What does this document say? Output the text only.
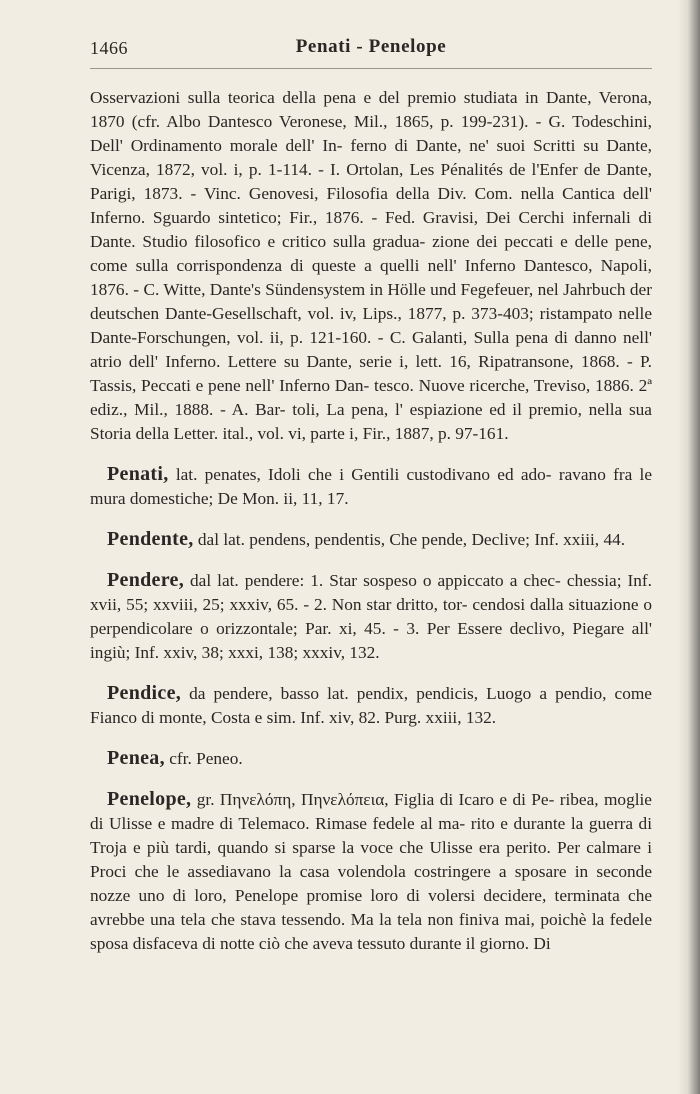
1466	Penati - Penelope

Osservazioni sulla teorica della pena e del premio studiata in Dante, Verona, 1870 (cfr. Albo Dantesco Veronese, Mil., 1865, p. 199-231). - G. Todeschini, Dell' Ordinamento morale dell' In- ferno di Dante, ne' suoi Scritti su Dante, Vicenza, 1872, vol. i, p. 1-114. - I. Ortolan, Les Pénalités de l'Enfer de Dante, Parigi, 1873. - Vinc. Genovesi, Filosofia della Div. Com. nella Cantica dell' Inferno. Sguardo sintetico; Fir., 1876. - Fed. Gravisi, Dei Cerchi infernali di Dante. Studio filosofico e critico sulla gradua- zione dei peccati e delle pene, come sulla corrispondenza di queste a quelli nell' Inferno Dantesco, Napoli, 1876. - C. Witte, Dante's Sündensystem in Hölle und Fegefeuer, nel Jahrbuch der deutschen Dante-Gesellschaft, vol. iv, Lips., 1877, p. 373-403; ristampato nelle Dante-Forschungen, vol. ii, p. 121-160. - C. Galanti, Sulla pena di danno nell' atrio dell' Inferno. Lettere su Dante, serie i, lett. 16, Ripatransone, 1868. - P. Tassis, Peccati e pene nell' Inferno Dan- tesco. Nuove ricerche, Treviso, 1886. 2ª ediz., Mil., 1888. - A. Bar- toli, La pena, l' espiazione ed il premio, nella sua Storia della Letter. ital., vol. vi, parte i, Fir., 1887, p. 97-161.

Penati, lat. penates, Idoli che i Gentili custodivano ed ado- ravano fra le mura domestiche; De Mon. ii, 11, 17.

Pendente, dal lat. pendens, pendentis, Che pende, Declive; Inf. xxiii, 44.

Pendere, dal lat. pendere: 1. Star sospeso o appiccato a chec- chessia; Inf. xvii, 55; xxviii, 25; xxxiv, 65. - 2. Non star dritto, tor- cendosi dalla situazione o perpendicolare o orizzontale; Par. xi, 45. - 3. Per Essere declivo, Piegare all' ingiù; Inf. xxiv, 38; xxxi, 138; xxxiv, 132.

Pendice, da pendere, basso lat. pendix, pendicis, Luogo a pendio, come Fianco di monte, Costa e sim. Inf. xiv, 82. Purg. xxiii, 132.

Penea, cfr. Peneo.

Penelope, gr. Πηνελόπη, Πηνελόπεια, Figlia di Icaro e di Pe- ribea, moglie di Ulisse e madre di Telemaco. Rimase fedele al ma- rito e durante la guerra di Troja e più tardi, quando si sparse la voce che Ulisse era perito. Per calmare i Proci che le assediavano la casa volendola costringere a sposare in seconde nozze uno di loro, Penelope promise loro di volersi decidere, terminata che avrebbe una tela che stava tessendo. Ma la tela non finiva mai, poichè la fedele sposa disfaceva di notte ciò che aveva tessuto durante il giorno. Di
